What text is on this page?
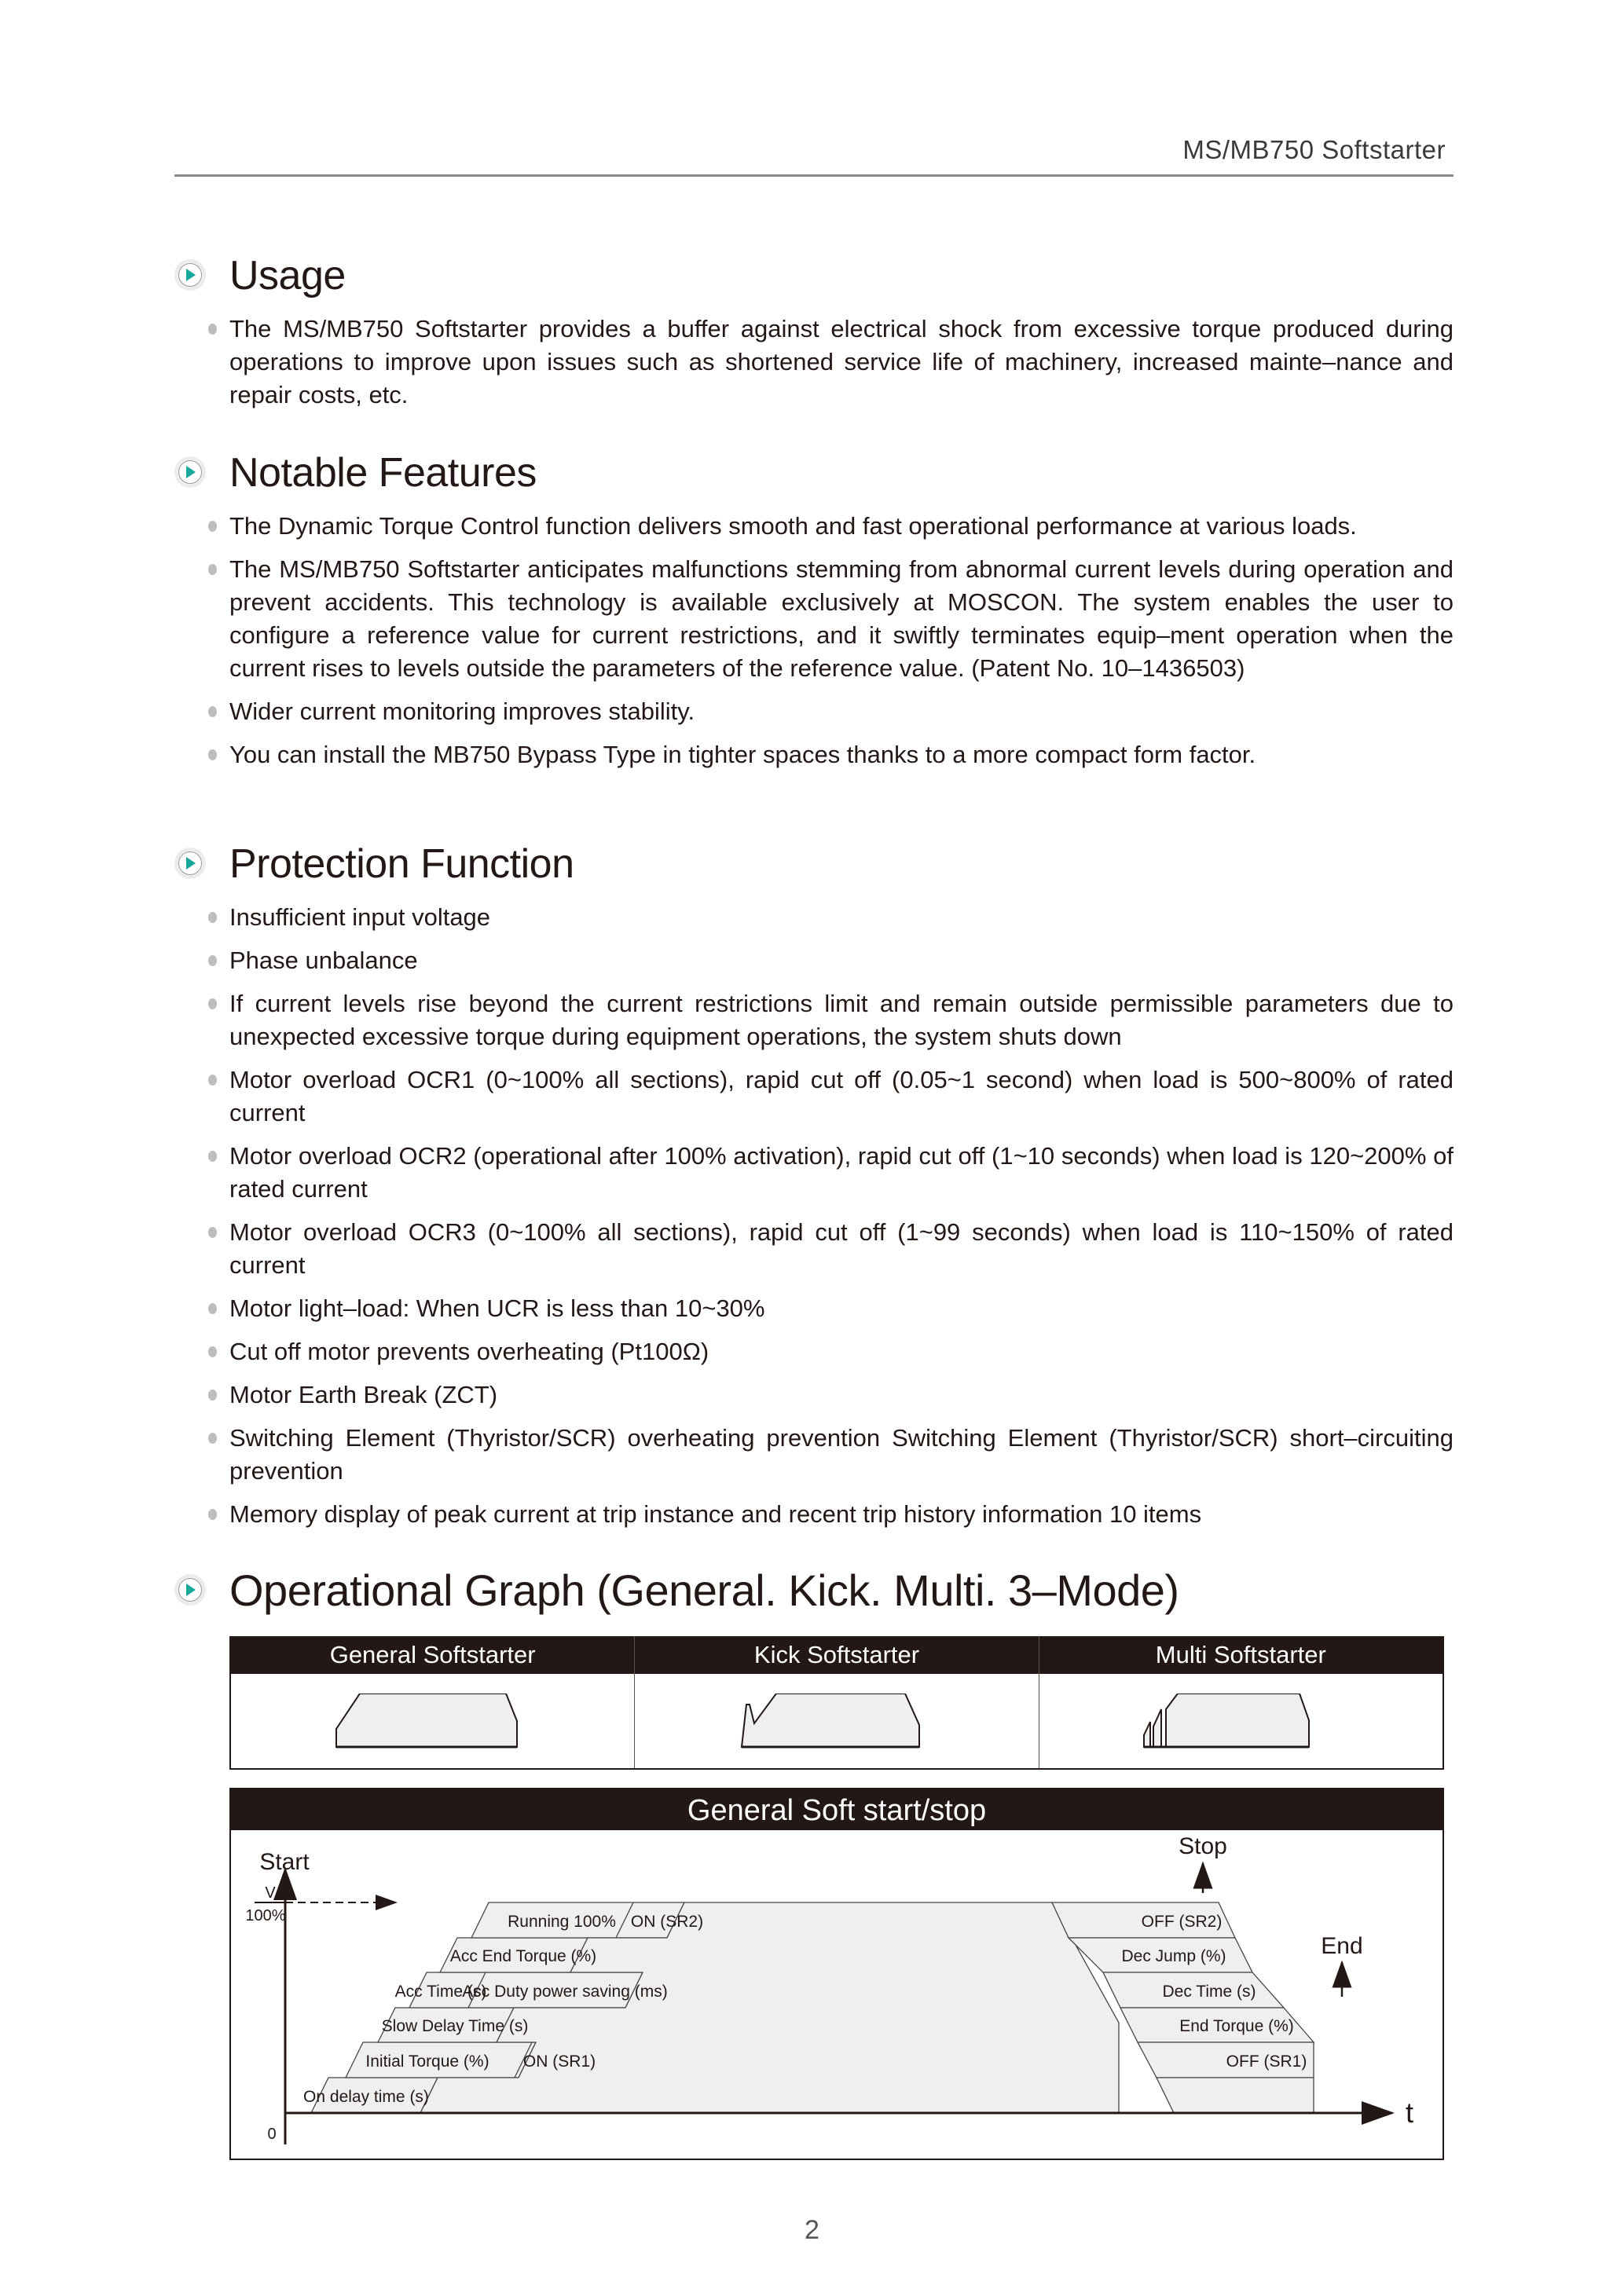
MS/MB750 Softstarter
Usage
The MS/MB750 Softstarter provides a buffer against electrical shock from excessive torque produced during operations to improve upon issues such as shortened service life of machinery, increased mainte–nance and repair costs, etc.
Notable Features
The Dynamic Torque Control function delivers smooth and fast operational performance at various loads.
The MS/MB750 Softstarter anticipates malfunctions stemming from abnormal current levels during operation and prevent accidents. This technology is available exclusively at MOSCON. The system enables the user to configure a reference value for current restrictions, and it swiftly terminates equip–ment operation when the current rises to levels outside the parameters of the reference value. (Patent No. 10–1436503)
Wider current monitoring improves stability.
You can install the MB750 Bypass Type in tighter spaces thanks to a more compact form factor.
Protection Function
Insufficient input voltage
Phase unbalance
If current levels rise beyond the current restrictions limit and remain outside permissible parameters due to unexpected excessive torque during equipment operations, the system shuts down
Motor overload OCR1 (0~100% all sections), rapid cut off (0.05~1 second) when load is 500~800% of rated current
Motor overload OCR2 (operational after 100% activation), rapid cut off (1~10 seconds) when load is 120~200% of rated current
Motor overload OCR3 (0~100% all sections), rapid cut off (1~99 seconds) when load is 110~150% of rated current
Motor light–load: When UCR is less than 10~30%
Cut off motor prevents overheating (Pt100Ω)
Motor Earth Break (ZCT)
Switching Element (Thyristor/SCR) overheating prevention Switching Element (Thyristor/SCR) short–circuiting prevention
Memory display of peak current at trip instance and recent trip history information 10 items
Operational Graph (General. Kick. Multi. 3–Mode)
General Softstarter	Kick Softstarter	Multi Softstarter
General Soft start/stop
Start
Stop
End
V
100%
0
t
On delay time (s)
Initial Torque (%) ON (SR1)
Slow Delay Time (s)
Acc Time (s)
Acc Duty power saving (ms)
Acc End Torque (%)
Running 100% ON (SR2)	OFF (SR2)
Dec Jump (%)
Dec Time (s)
End Torque (%)
OFF (SR1)
2
